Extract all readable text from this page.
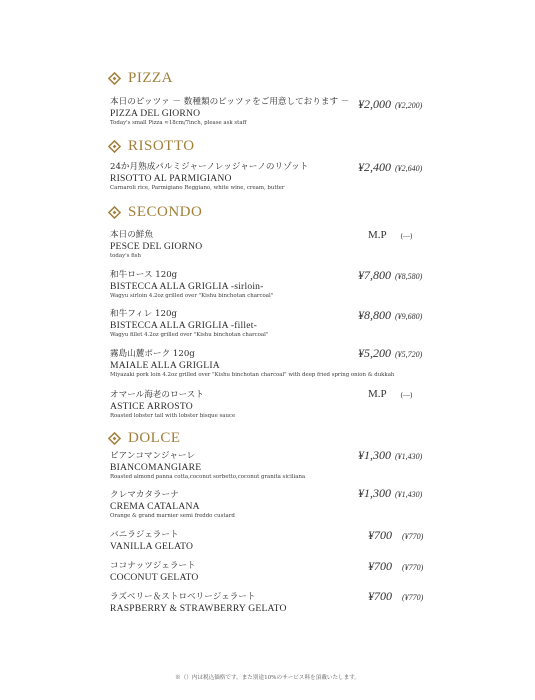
PIZZA
RISOTTO
SECONDO
DOLCE
本日のピッツァ － 数種類のピッツァをご用意しております －
PIZZA DEL GIORNO
Today's small Pizza ≈18cm/7inch, please ask staff
¥2,000 (¥2,200)
24か月熟成パルミジャーノレッジャーノのリゾット
RISOTTO AL PARMIGIANO
Carnaroli rice, Parmigiano Reggiano, white wine, cream, butter
¥2,400 (¥2,640)
本日の鮮魚
PESCE DEL GIORNO
today's fish
M.P (—)
和牛ロース 120g
BISTECCA ALLA GRIGLIA -sirloin-
Wagyu sirloin 4.2oz grilled over "Kishu binchotan charcoal"
¥7,800 (¥8,580)
和牛フィレ 120g
BISTECCA ALLA GRIGLIA -fillet-
Wagyu fillet 4.2oz grilled over "Kishu binchotan charcoal"
¥8,800 (¥9,680)
霧島山麓ポーク 120g
MAIALE ALLA GRIGLIA
Miyazaki pork loin 4.2oz grilled over "Kishu binchotan charcoal" with deep fried spring onion & dukkah
¥5,200 (¥5,720)
オマール海老のロースト
ASTICE ARROSTO
Roasted lobster tail with lobster bisque sauce
M.P (—)
ビアンコマンジャーレ
BIANCOMANGIARE
Roasted almond panna cotta,coconut sorbetto,coconut granita siciliana
¥1,300 (¥1,430)
クレマカタラーナ
CREMA CATALANA
Orange & grand marnier semi freddo custard
¥1,300 (¥1,430)
バニラジェラート
VANILLA GELATO
¥700 (¥770)
ココナッツジェラート
COCONUT GELATO
¥700 (¥770)
ラズベリー＆ストロベリージェラート
RASPBERRY & STRAWBERRY GELATO
¥700 (¥770)
※（）内は税込価格です。また別途10%のサービス料を頂戴いたします。
